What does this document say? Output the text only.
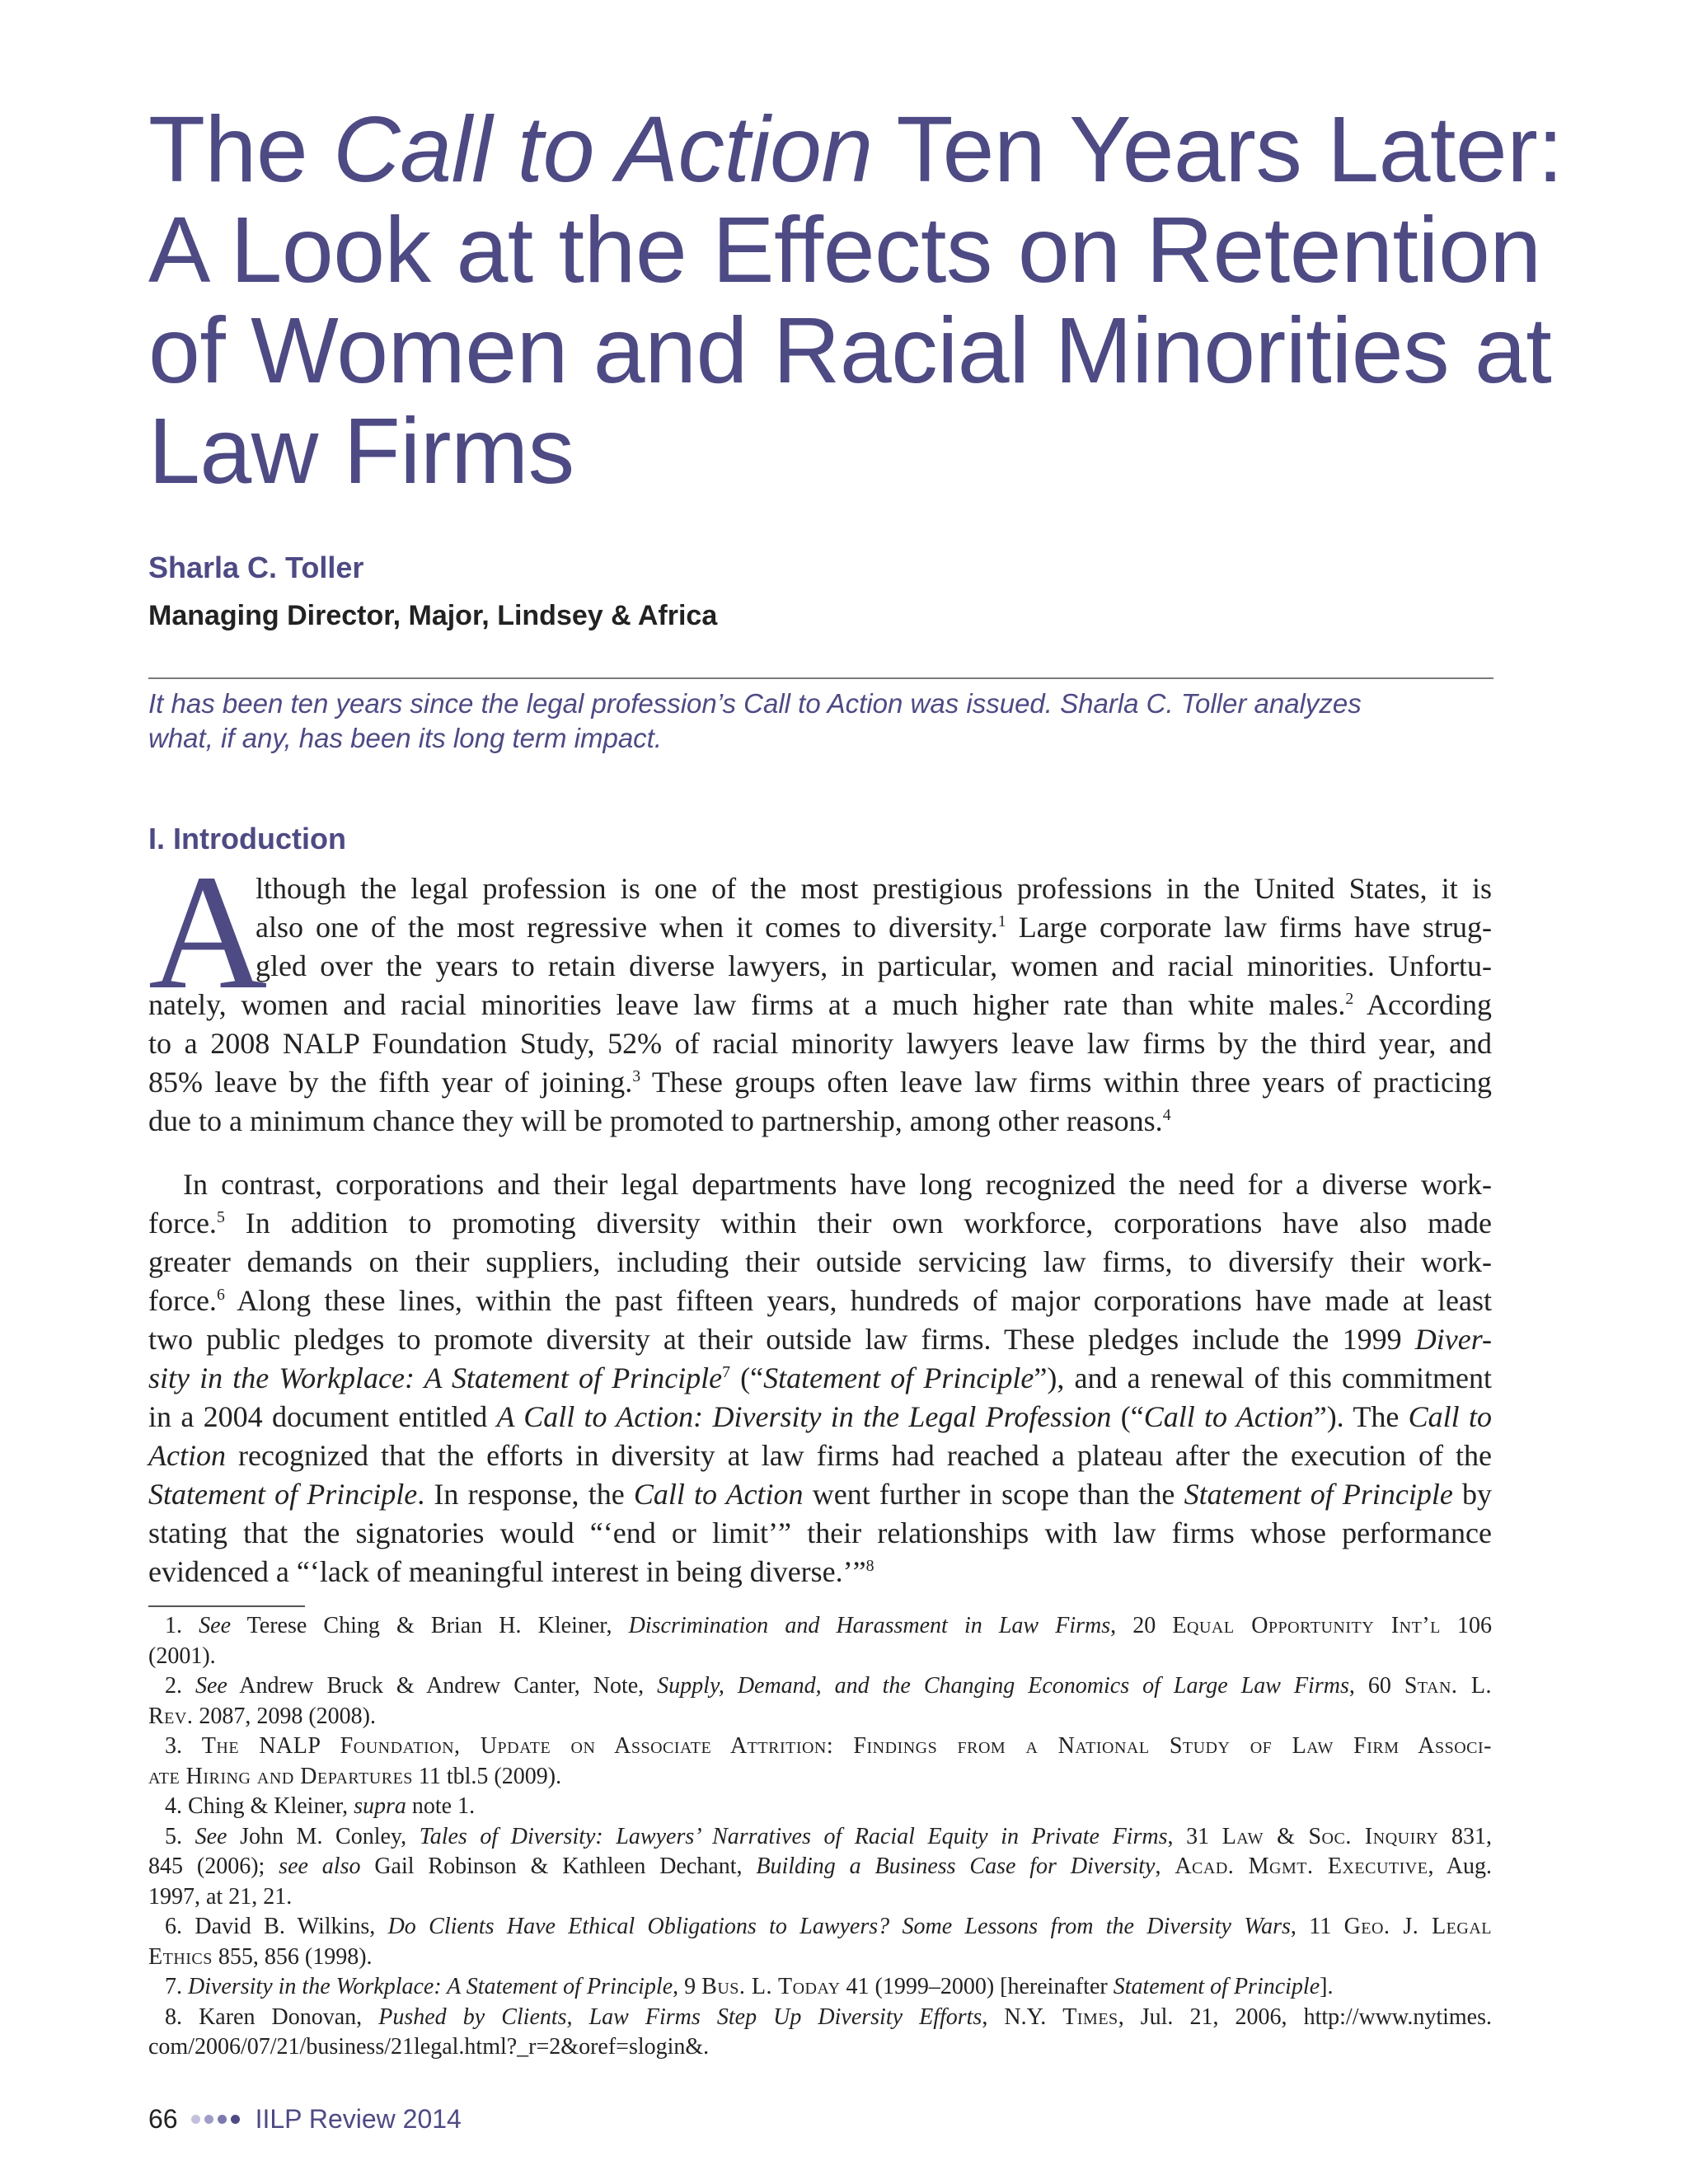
The Call to Action Ten Years Later:
A Look at the Effects on Retention
of Women and Racial Minorities at
Law Firms
Sharla C. Toller
Managing Director, Major, Lindsey & Africa
It has been ten years since the legal profession’s Call to Action was issued. Sharla C. Toller analyzes
what, if any, has been its long term impact.
I. Introduction
A
lthough the legal profession is one of the most prestigious professions in the United States, it is
also one of the most regressive when it comes to diversity.$^1$ Large corporate law firms have strug-
gled over the years to retain diverse lawyers, in particular, women and racial minorities. Unfortu-
nately, women and racial minorities leave law firms at a much higher rate than white males.$^2$ According
to a 2008 NALP Foundation Study, 52% of racial minority lawyers leave law firms by the third year, and
85% leave by the fifth year of joining.$^3$ These groups often leave law firms within three years of practicing
due to a minimum chance they will be promoted to partnership, among other reasons.$^4$
In contrast, corporations and their legal departments have long recognized the need for a diverse work-
force.$^5$ In addition to promoting diversity within their own workforce, corporations have also made
greater demands on their suppliers, including their outside servicing law firms, to diversify their work-
force.$^6$ Along these lines, within the past fifteen years, hundreds of major corporations have made at least
two public pledges to promote diversity at their outside law firms. These pledges include the 1999 Diver-
sity in the Workplace: A Statement of Principle$^7$ (“Statement of Principle”), and a renewal of this commitment
in a 2004 document entitled A Call to Action: Diversity in the Legal Profession (“Call to Action”). The Call to
Action recognized that the efforts in diversity at law firms had reached a plateau after the execution of the
Statement of Principle. In response, the Call to Action went further in scope than the Statement of Principle by
stating that the signatories would “‘end or limit’” their relationships with law firms whose performance
evidenced a “‘lack of meaningful interest in being diverse.’”$^8$
1. See Terese Ching & Brian H. Kleiner, Discrimination and Harassment in Law Firms, 20 Equal Opportunity Int’l 106
(2001).
2. See Andrew Bruck & Andrew Canter, Note, Supply, Demand, and the Changing Economics of Large Law Firms, 60 Stan. L.
Rev. 2087, 2098 (2008).
3. The NALP Foundation, Update on Associate Attrition: Findings from a National Study of Law Firm Associ-
ate Hiring and Departures 11 tbl.5 (2009).
4. Ching & Kleiner, supra note 1.
5. See John M. Conley, Tales of Diversity: Lawyers’ Narratives of Racial Equity in Private Firms, 31 Law & Soc. Inquiry 831,
845 (2006); see also Gail Robinson & Kathleen Dechant, Building a Business Case for Diversity, Acad. Mgmt. Executive, Aug.
1997, at 21, 21.
6. David B. Wilkins, Do Clients Have Ethical Obligations to Lawyers? Some Lessons from the Diversity Wars, 11 Geo. J. Legal
Ethics 855, 856 (1998).
7. Diversity in the Workplace: A Statement of Principle, 9 Bus. L. Today 41 (1999–2000) [hereinafter Statement of Principle].
8. Karen Donovan, Pushed by Clients, Law Firms Step Up Diversity Efforts, N.Y. Times, Jul. 21, 2006, http://www.nytimes.
com/2006/07/21/business/21legal.html?_r=2&oref=slogin&.
66	IILP Review 2014
